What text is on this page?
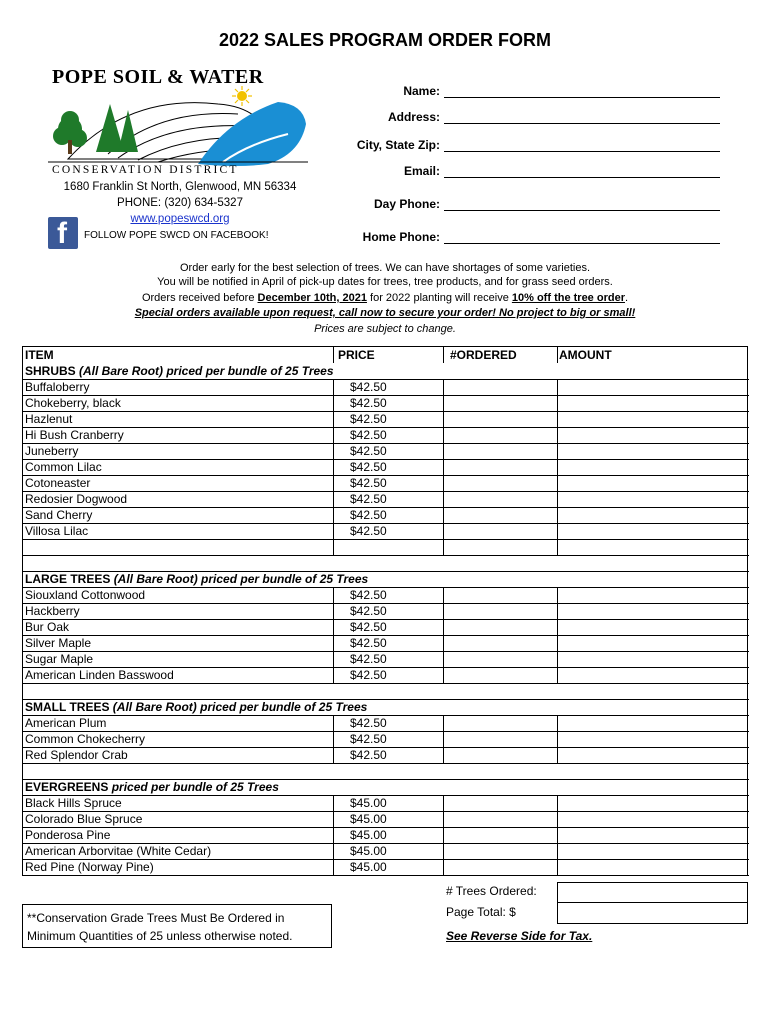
2022 SALES PROGRAM ORDER FORM
POPE SOIL & WATER
CONSERVATION DISTRICT
1680 Franklin St North, Glenwood, MN 56334
PHONE: (320) 634-5327
www.popeswcd.org
f FOLLOW POPE SWCD ON FACEBOOK!
Name:
Address:
City, State Zip:
Email:
Day Phone:
Home Phone:
Order early for the best selection of trees. We can have shortages of some varieties.
You will be notified in April of pick-up dates for trees, tree products, and for grass seed orders.
Orders received before December 10th, 2021 for 2022 planting will receive 10% off the tree order.
Special orders available upon request, call now to secure your order! No project to big or small!
Prices are subject to change.
ITEM	PRICE	#ORDERED	AMOUNT
SHRUBS (All Bare Root) priced per bundle of 25 Trees
Buffaloberry	$42.50
Chokeberry, black	$42.50
Hazlenut	$42.50
Hi Bush Cranberry	$42.50
Juneberry	$42.50
Common Lilac	$42.50
Cotoneaster	$42.50
Redosier Dogwood	$42.50
Sand Cherry	$42.50
Villosa Lilac	$42.50
LARGE TREES (All Bare Root) priced per bundle of 25 Trees
Siouxland Cottonwood	$42.50
Hackberry	$42.50
Bur Oak	$42.50
Silver Maple	$42.50
Sugar Maple	$42.50
American Linden Basswood	$42.50
SMALL TREES (All Bare Root) priced per bundle of 25 Trees
American Plum	$42.50
Common Chokecherry	$42.50
Red Splendor Crab	$42.50
EVERGREENS priced per bundle of 25 Trees
Black Hills Spruce	$45.00
Colorado Blue Spruce	$45.00
Ponderosa Pine	$45.00
American Arborvitae (White Cedar)	$45.00
Red Pine (Norway Pine)	$45.00
# Trees Ordered:
Page Total: $
See Reverse Side for Tax.
**Conservation Grade Trees Must Be Ordered in Minimum Quantities of 25 unless otherwise noted.
